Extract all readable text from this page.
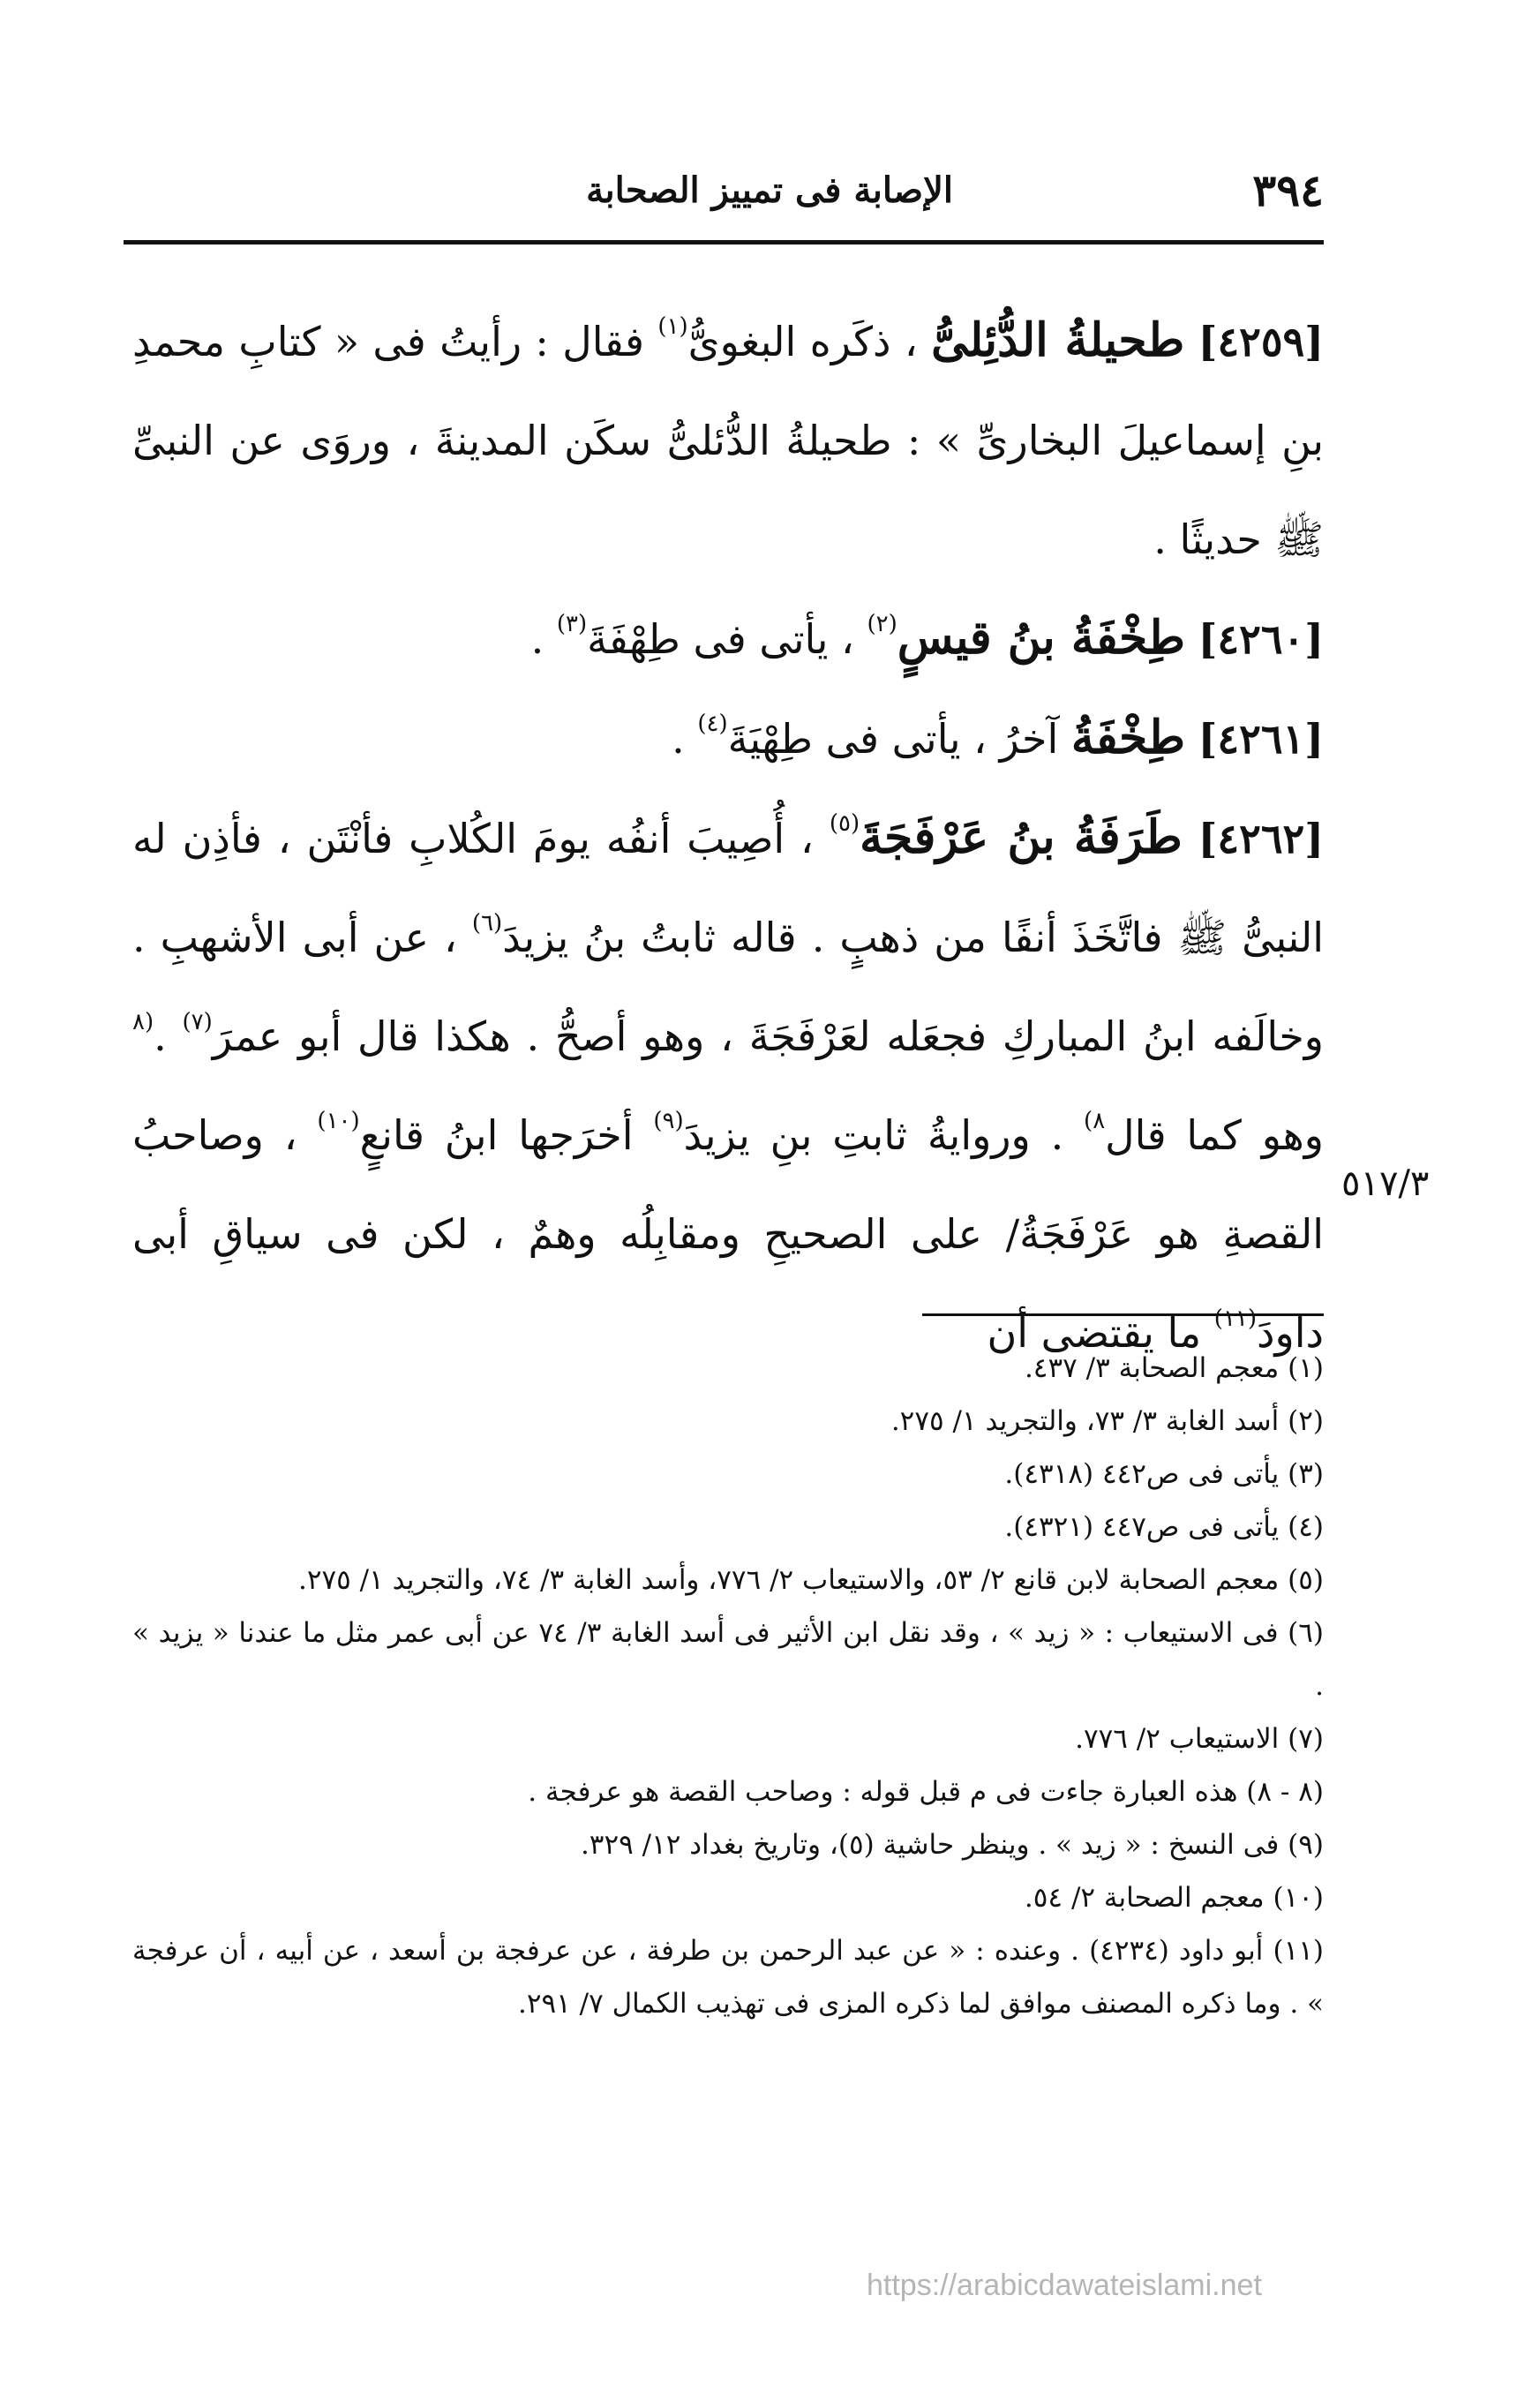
٣٩٤
الإصابة فى تمييز الصحابة

[٤٢٥٩] طحيلةُ الدُّئِلىُّ ، ذكَره البغوىُّ$^{(١)}$ فقال : رأيتُ فى « كتابِ محمدِ بنِ إسماعيلَ البخارىِّ » : طحيلةُ الدُّئلىُّ سكَن المدينةَ ، وروَى عن النبىِّ ﷺ حديثًا .

[٤٢٦٠] طِخْفَةُ بنُ قيسٍ$^{(٢)}$ ، يأتى فى طِهْفَةَ$^{(٣)}$ .

[٤٢٦١] طِخْفَةُ آخرُ ، يأتى فى طِهْيَةَ$^{(٤)}$ .

[٤٢٦٢] طَرَفَةُ بنُ عَرْفَجَةَ$^{(٥)}$ ، أُصِيبَ أنفُه يومَ الكُلابِ فأنْتَن ، فأذِن له النبىُّ ﷺ فاتَّخَذَ أنفًا من ذهبٍ . قاله ثابتُ بنُ يزيدَ$^{(٦)}$ ، عن أبى الأشهبِ . وخالَفه ابنُ المباركِ فجعَله لعَرْفَجَةَ ، وهو أصحُّ . هكذا قال أبو عمرَ$^{(٧)}$ .$^{(٨}$ وهو كما قال$^{٨)}$ . وروايةُ ثابتِ بنِ يزيدَ$^{(٩)}$ أخرَجها ابنُ قانعٍ$^{(١٠)}$ ، وصاحبُ القصةِ هو عَرْفَجَةُ/ على الصحيحِ ومقابِلُه وهمٌ ، لكن فى سياقِ أبى داودَ$^{(١١)}$ ما يقتضى أن

٥١٧/٣

(١) معجم الصحابة ٣/ ٤٣٧.

(٢) أسد الغابة ٣/ ٧٣، والتجريد ١/ ٢٧٥.

(٣) يأتى فى ص٤٤٢ (٤٣١٨).

(٤) يأتى فى ص٤٤٧ (٤٣٢١).

(٥) معجم الصحابة لابن قانع ٢/ ٥٣، والاستيعاب ٢/ ٧٧٦، وأسد الغابة ٣/ ٧٤، والتجريد ١/ ٢٧٥.

(٦) فى الاستيعاب : « زيد » ، وقد نقل ابن الأثير فى أسد الغابة ٣/ ٧٤ عن أبى عمر مثل ما عندنا « يزيد » .

(٧) الاستيعاب ٢/ ٧٧٦.

(٨ - ٨) هذه العبارة جاءت فى م قبل قوله : وصاحب القصة هو عرفجة .

(٩) فى النسخ : « زيد » . وينظر حاشية (٥)، وتاريخ بغداد ١٢/ ٣٢٩.

(١٠) معجم الصحابة ٢/ ٥٤.

(١١) أبو داود (٤٢٣٤) . وعنده : « عن عبد الرحمن بن طرفة ، عن عرفجة بن أسعد ، عن أبيه ، أن عرفجة » . وما ذكره المصنف موافق لما ذكره المزى فى تهذيب الكمال ٧/ ٢٩١.

https://arabicdawateislami.net
